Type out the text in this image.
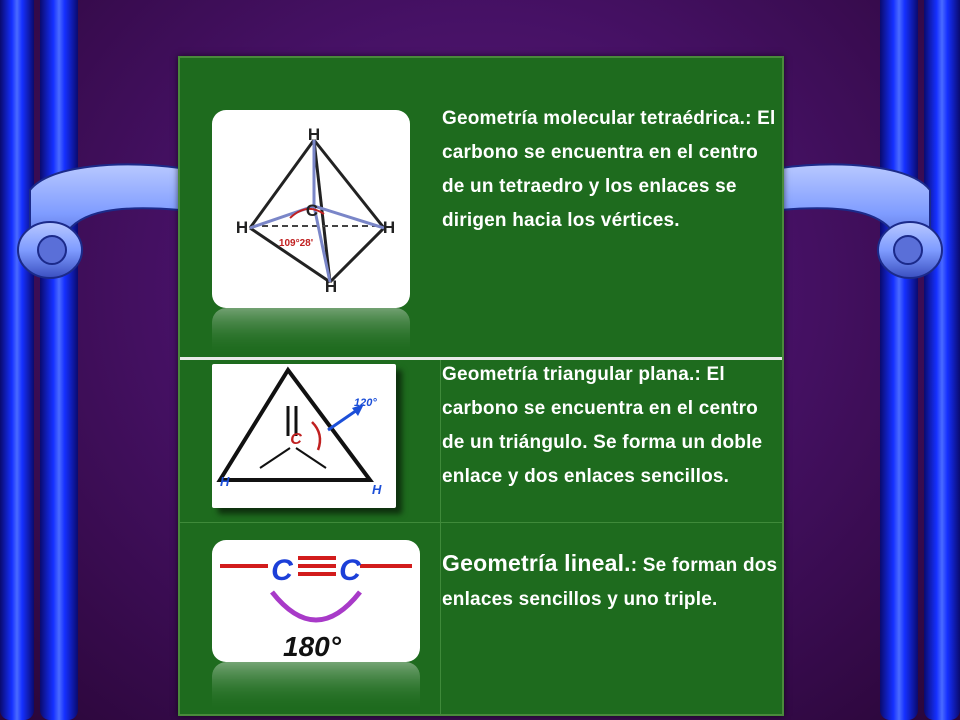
H
H
C
H
H
109°28'
Geometría molecular tetraédrica.: El carbono se encuentra en el centro de un tetraedro y los enlaces se dirigen hacia los vértices.
C
H
H
120°
Geometría triangular plana.: El carbono se encuentra en el centro de un triángulo. Se forma un doble enlace y dos enlaces sencillos.
C C
180°
Geometría lineal.: Se forman dos enlaces sencillos y uno triple.
